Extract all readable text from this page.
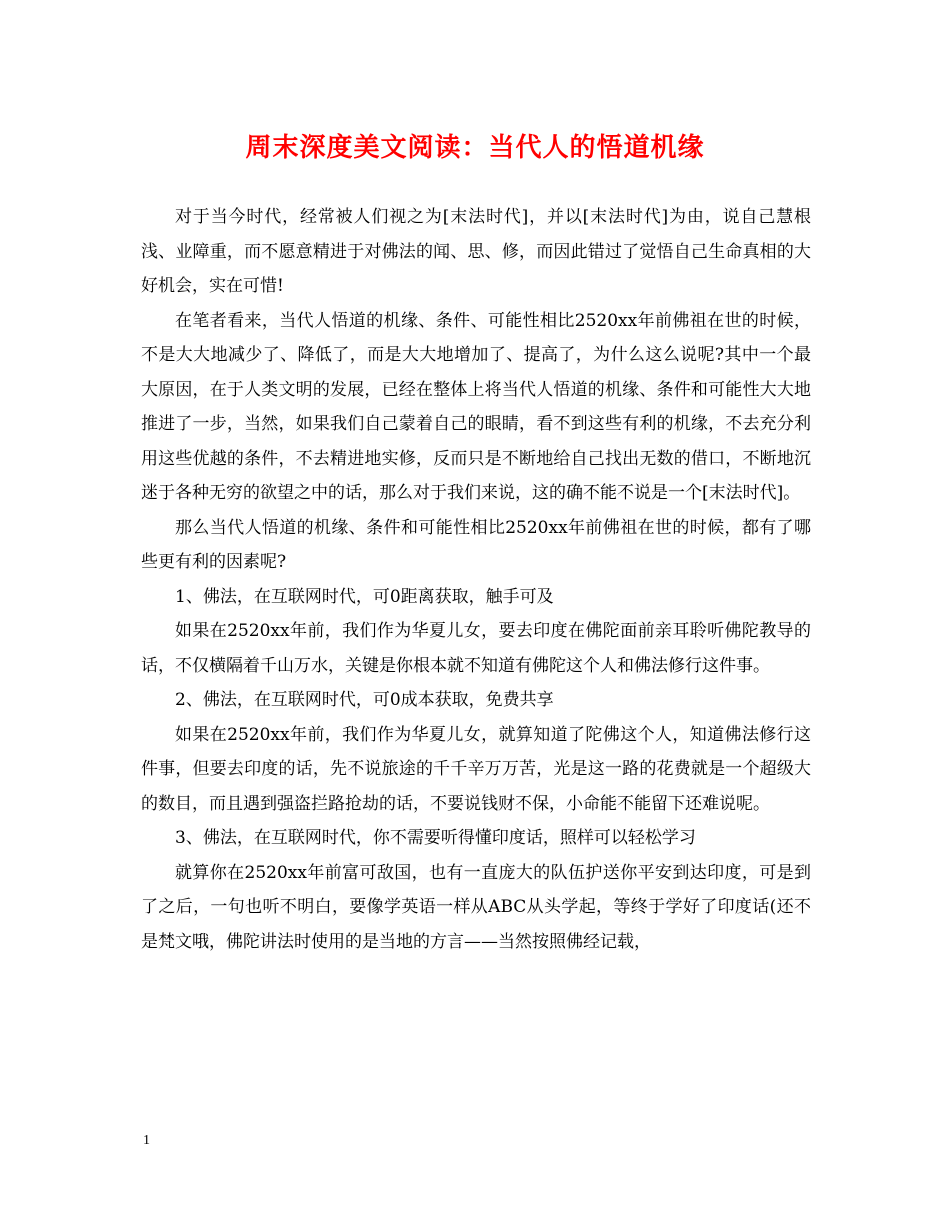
周末深度美文阅读：当代人的悟道机缘

对于当今时代，经常被人们视之为[末法时代]，并以[末法时代]为由，说自己慧根浅、业障重，而不愿意精进于对佛法的闻、思、修，而因此错过了觉悟自己生命真相的大好机会，实在可惜!

在笔者看来，当代人悟道的机缘、条件、可能性相比2520xx年前佛祖在世的时候，不是大大地减少了、降低了，而是大大地增加了、提高了，为什么这么说呢?其中一个最大原因，在于人类文明的发展，已经在整体上将当代人悟道的机缘、条件和可能性大大地推进了一步，当然，如果我们自己蒙着自己的眼睛，看不到这些有利的机缘，不去充分利用这些优越的条件，不去精进地实修，反而只是不断地给自己找出无数的借口，不断地沉迷于各种无穷的欲望之中的话，那么对于我们来说，这的确不能不说是一个[末法时代]。

那么当代人悟道的机缘、条件和可能性相比2520xx年前佛祖在世的时候，都有了哪些更有利的因素呢?

1、佛法，在互联网时代，可0距离获取，触手可及

如果在2520xx年前，我们作为华夏儿女，要去印度在佛陀面前亲耳聆听佛陀教导的话，不仅横隔着千山万水，关键是你根本就不知道有佛陀这个人和佛法修行这件事。

2、佛法，在互联网时代，可0成本获取，免费共享

如果在2520xx年前，我们作为华夏儿女，就算知道了陀佛这个人，知道佛法修行这件事，但要去印度的话，先不说旅途的千千辛万万苦，光是这一路的花费就是一个超级大的数目，而且遇到强盗拦路抢劫的话，不要说钱财不保，小命能不能留下还难说呢。

3、佛法，在互联网时代，你不需要听得懂印度话，照样可以轻松学习

就算你在2520xx年前富可敌国，也有一直庞大的队伍护送你平安到达印度，可是到了之后，一句也听不明白，要像学英语一样从ABC从头学起，等终于学好了印度话(还不是梵文哦，佛陀讲法时使用的是当地的方言——当然按照佛经记载，

1
